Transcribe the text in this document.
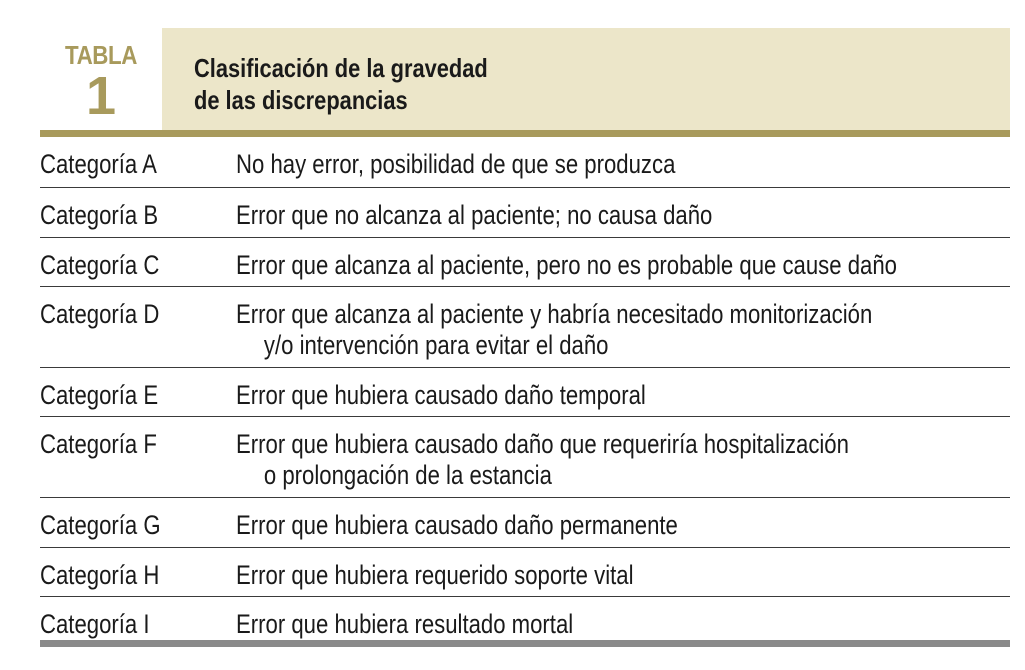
TABLA
1	Clasificación de la gravedad
de las discrepancias
Categoría A	No hay error, posibilidad de que se produzca
Categoría B	Error que no alcanza al paciente; no causa daño
Categoría C	Error que alcanza al paciente, pero no es probable que cause daño
Categoría D	Error que alcanza al paciente y habría necesitado monitorización
y/o intervención para evitar el daño
Categoría E	Error que hubiera causado daño temporal
Categoría F	Error que hubiera causado daño que requeriría hospitalización
o prolongación de la estancia
Categoría G	Error que hubiera causado daño permanente
Categoría H	Error que hubiera requerido soporte vital
Categoría I	Error que hubiera resultado mortal
